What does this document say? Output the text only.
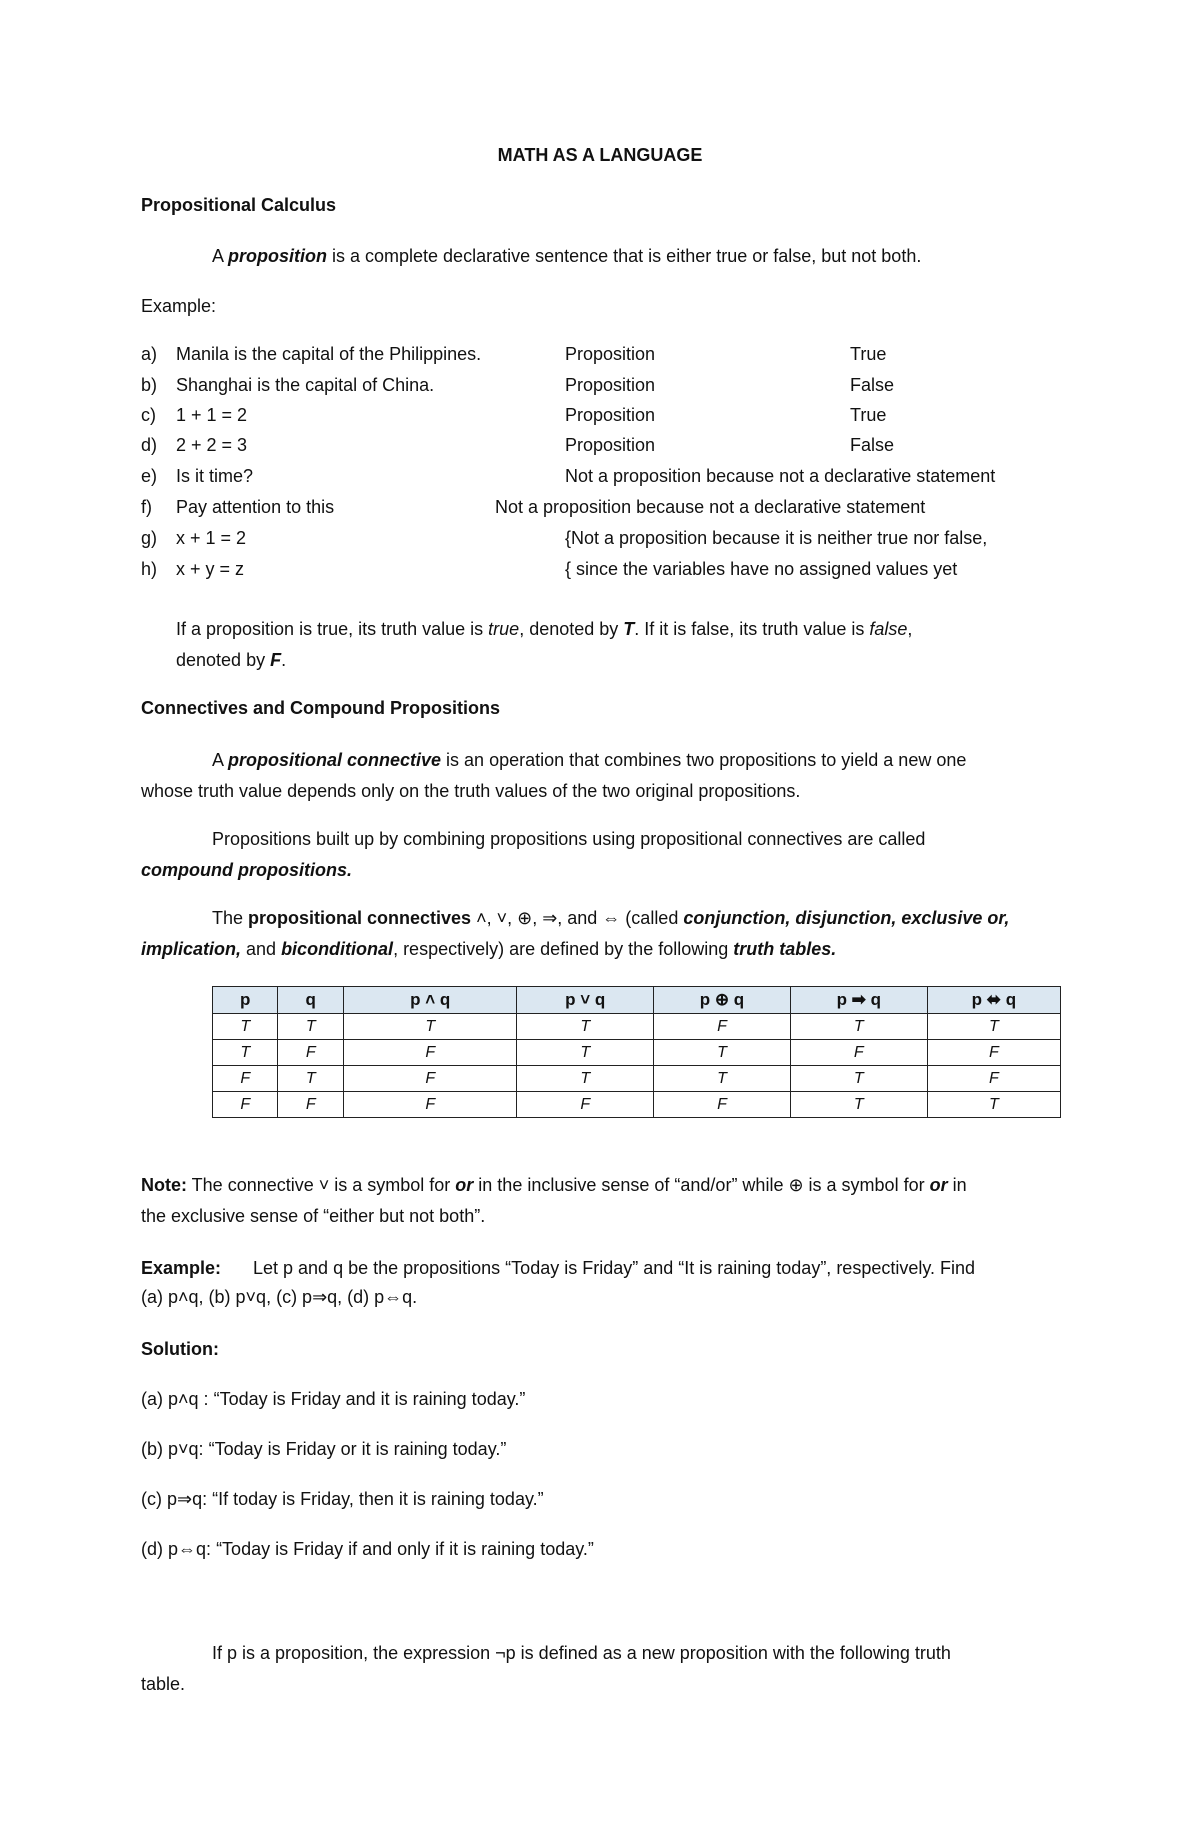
MATH AS A LANGUAGE
Propositional Calculus
A proposition is a complete declarative sentence that is either true or false, but not both.
Example:
a) Manila is the capital of the Philippines.	Proposition	True
b) Shanghai is the capital of China.	Proposition	False
c) 1 + 1 = 2	Proposition	True
d) 2 + 2 = 3	Proposition	False
e) Is it time?	Not a proposition because not a declarative statement
f) Pay attention to this	Not a proposition because not a declarative statement
g) x + 1 = 2	{Not a proposition because it is neither true nor false,
h) x + y = z	{ since the variables have no assigned values yet
If a proposition is true, its truth value is true, denoted by T. If it is false, its truth value is false,
denoted by F.
Connectives and Compound Propositions
A propositional connective is an operation that combines two propositions to yield a new one
whose truth value depends only on the truth values of the two original propositions.
Propositions built up by combining propositions using propositional connectives are called
compound propositions.
The propositional connectives ˄, ˅, ⊕, ⇒, and ⇔ (called conjunction, disjunction, exclusive or,
implication, and biconditional, respectively) are defined by the following truth tables.
p	q	p ˄ q	p ˅ q	p ⊕ q	p ➡ q	p ⬌ q
T	T	T	T	F	T	T
T	F	F	T	T	F	F
F	T	F	T	T	T	F
F	F	F	F	F	T	T
Note: The connective ˅ is a symbol for or in the inclusive sense of “and/or” while ⊕ is a symbol for or in
the exclusive sense of “either but not both”.
Example: Let p and q be the propositions “Today is Friday” and “It is raining today”, respectively. Find
(a) p˄q, (b) p˅q, (c) p⇒q, (d) p⇔q.
Solution:
(a) p˄q : “Today is Friday and it is raining today.”
(b) p˅q: “Today is Friday or it is raining today.”
(c) p⇒q: “If today is Friday, then it is raining today.”
(d) p⇔q: “Today is Friday if and only if it is raining today.”
If p is a proposition, the expression ¬p is defined as a new proposition with the following truth
table.
